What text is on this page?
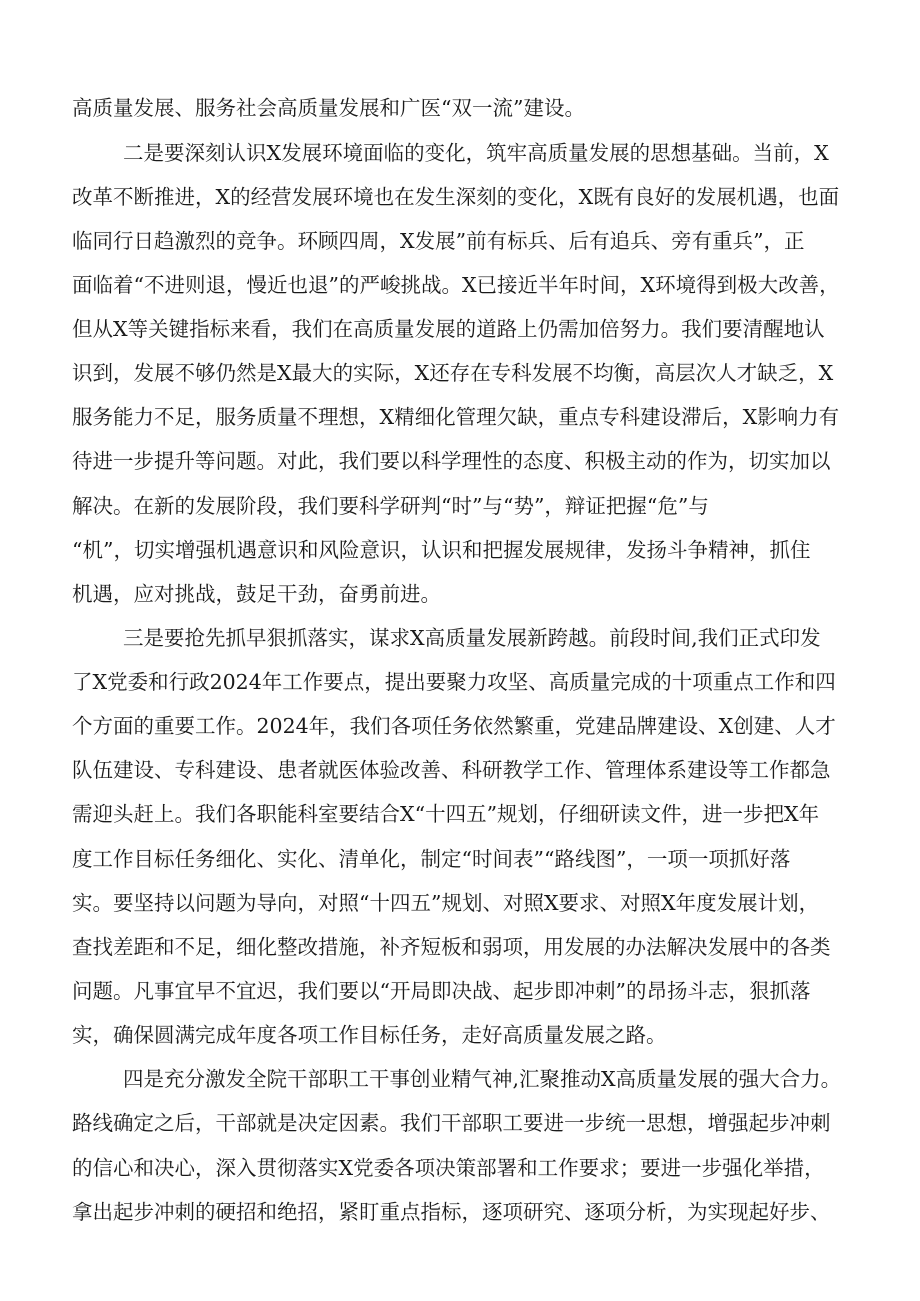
高质量发展、服务社会高质量发展和广医“双一流”建设。
二是要深刻认识X发展环境面临的变化，筑牢高质量发展的思想基础。当前，X
改革不断推进，X的经营发展环境也在发生深刻的变化，X既有良好的发展机遇，也面
临同行日趋激烈的竞争。环顾四周，X发展”前有标兵、后有追兵、旁有重兵”，正
面临着“不进则退，慢近也退”的严峻挑战。X已接近半年时间，X环境得到极大改善，
但从X等关键指标来看，我们在高质量发展的道路上仍需加倍努力。我们要清醒地认
识到，发展不够仍然是X最大的实际，X还存在专科发展不均衡，高层次人才缺乏，X
服务能力不足，服务质量不理想，X精细化管理欠缺，重点专科建设滞后，X影响力有
待进一步提升等问题。对此，我们要以科学理性的态度、积极主动的作为，切实加以
解决。在新的发展阶段，我们要科学研判“时”与“势”，辩证把握“危”与
“机”，切实增强机遇意识和风险意识，认识和把握发展规律，发扬斗争精神，抓住
机遇，应对挑战，鼓足干劲，奋勇前进。
三是要抢先抓早狠抓落实，谋求X高质量发展新跨越。前段时间,我们正式印发
了X党委和行政2024年工作要点，提出要聚力攻坚、高质量完成的十项重点工作和四
个方面的重要工作。2024年，我们各项任务依然繁重，党建品牌建设、X创建、人才
队伍建设、专科建设、患者就医体验改善、科研教学工作、管理体系建设等工作都急
需迎头赶上。我们各职能科室要结合X“十四五”规划，仔细研读文件，进一步把X年
度工作目标任务细化、实化、清单化，制定“时间表”“路线图”，一项一项抓好落
实。要坚持以问题为导向，对照“十四五”规划、对照X要求、对照X年度发展计划，
查找差距和不足，细化整改措施，补齐短板和弱项，用发展的办法解决发展中的各类
问题。凡事宜早不宜迟，我们要以“开局即决战、起步即冲刺”的昂扬斗志，狠抓落
实，确保圆满完成年度各项工作目标任务，走好高质量发展之路。
四是充分激发全院干部职工干事创业精气神,汇聚推动X高质量发展的强大合力。
路线确定之后，干部就是决定因素。我们干部职工要进一步统一思想，增强起步冲刺
的信心和决心，深入贯彻落实X党委各项决策部署和工作要求；要进一步强化举措，
拿出起步冲刺的硬招和绝招，紧盯重点指标，逐项研究、逐项分析，为实现起好步、
